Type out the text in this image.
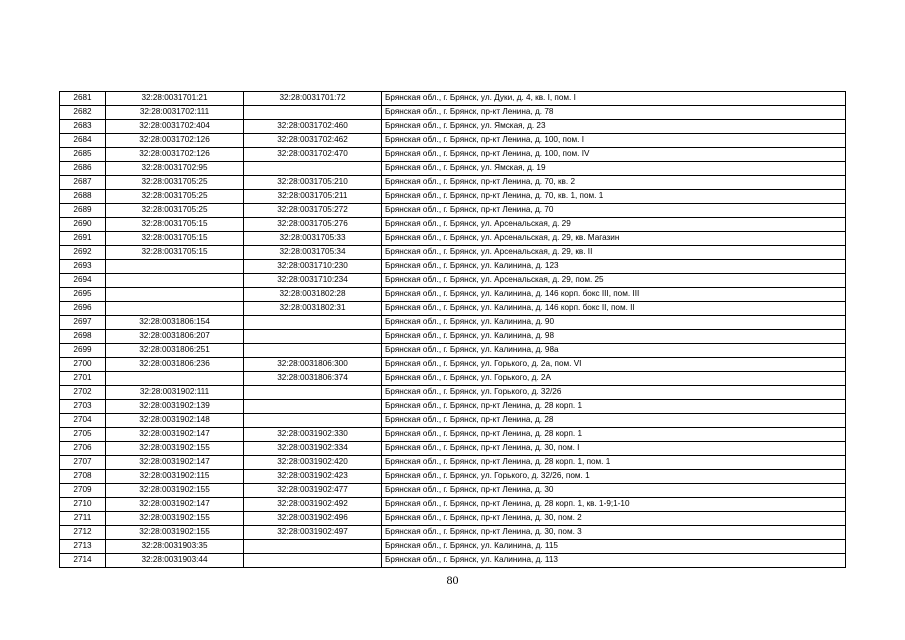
2681	32:28:0031701:21	32:28:0031701:72	Брянская обл., г. Брянск, ул. Дуки, д. 4, кв. I, пом. I
2682	32:28:0031702:111		Брянская обл., г. Брянск, пр-кт Ленина, д. 78
2683	32:28:0031702:404	32:28:0031702:460	Брянская обл., г. Брянск, ул. Ямская, д. 23
2684	32:28:0031702:126	32:28:0031702:462	Брянская обл., г. Брянск, пр-кт Ленина, д. 100, пом. I
2685	32:28:0031702:126	32:28:0031702:470	Брянская обл., г. Брянск, пр-кт Ленина, д. 100, пом. IV
2686	32:28:0031702:95		Брянская обл., г. Брянск, ул. Ямская, д. 19
2687	32:28:0031705:25	32:28:0031705:210	Брянская обл., г. Брянск, пр-кт Ленина, д. 70, кв. 2
2688	32:28:0031705:25	32:28:0031705:211	Брянская обл., г. Брянск, пр-кт Ленина, д. 70, кв. 1, пом. 1
2689	32:28:0031705:25	32:28:0031705:272	Брянская обл., г. Брянск, пр-кт Ленина, д. 70
2690	32:28:0031705:15	32:28:0031705:276	Брянская обл., г. Брянск, ул. Арсенальская, д. 29
2691	32:28:0031705:15	32:28:0031705:33	Брянская обл., г. Брянск, ул. Арсенальская, д. 29, кв. Магазин
2692	32:28:0031705:15	32:28:0031705:34	Брянская обл., г. Брянск, ул. Арсенальская, д. 29, кв. II
2693		32:28:0031710:230	Брянская обл., г. Брянск, ул. Калинина, д. 123
2694		32:28:0031710:234	Брянская обл., г. Брянск, ул. Арсенальская, д. 29, пом. 25
2695		32:28:0031802:28	Брянская обл., г. Брянск, ул. Калинина, д. 146 корп. бокс III, пом. III
2696		32:28:0031802:31	Брянская обл., г. Брянск, ул. Калинина, д. 146 корп. бокс II, пом. II
2697	32:28:0031806:154		Брянская обл., г. Брянск, ул. Калинина, д. 90
2698	32:28:0031806:207		Брянская обл., г. Брянск, ул. Калинина, д. 98
2699	32:28:0031806:251		Брянская обл., г. Брянск, ул. Калинина, д. 98а
2700	32:28:0031806:236	32:28:0031806:300	Брянская обл., г. Брянск, ул. Горького, д. 2а, пом. VI
2701		32:28:0031806:374	Брянская обл., г. Брянск, ул. Горького, д. 2А
2702	32:28:0031902:111		Брянская обл., г. Брянск, ул. Горького, д. 32/26
2703	32:28:0031902:139		Брянская обл., г. Брянск, пр-кт Ленина, д. 28 корп. 1
2704	32:28:0031902:148		Брянская обл., г. Брянск, пр-кт Ленина, д. 28
2705	32:28:0031902:147	32:28:0031902:330	Брянская обл., г. Брянск, пр-кт Ленина, д. 28 корп. 1
2706	32:28:0031902:155	32:28:0031902:334	Брянская обл., г. Брянск, пр-кт Ленина, д. 30, пом. I
2707	32:28:0031902:147	32:28:0031902:420	Брянская обл., г. Брянск, пр-кт Ленина, д. 28 корп. 1, пом. 1
2708	32:28:0031902:115	32:28:0031902:423	Брянская обл., г. Брянск, ул. Горького, д. 32/26, пом. 1
2709	32:28:0031902:155	32:28:0031902:477	Брянская обл., г. Брянск, пр-кт Ленина, д. 30
2710	32:28:0031902:147	32:28:0031902:492	Брянская обл., г. Брянск, пр-кт Ленина, д. 28 корп. 1, кв. 1-9;1-10
2711	32:28:0031902:155	32:28:0031902:496	Брянская обл., г. Брянск, пр-кт Ленина, д. 30, пом. 2
2712	32:28:0031902:155	32:28:0031902:497	Брянская обл., г. Брянск, пр-кт Ленина, д. 30, пом. 3
2713	32:28:0031903:35		Брянская обл., г. Брянск, ул. Калинина, д. 115
2714	32:28:0031903:44		Брянская обл., г. Брянск, ул. Калинина, д. 113
80
